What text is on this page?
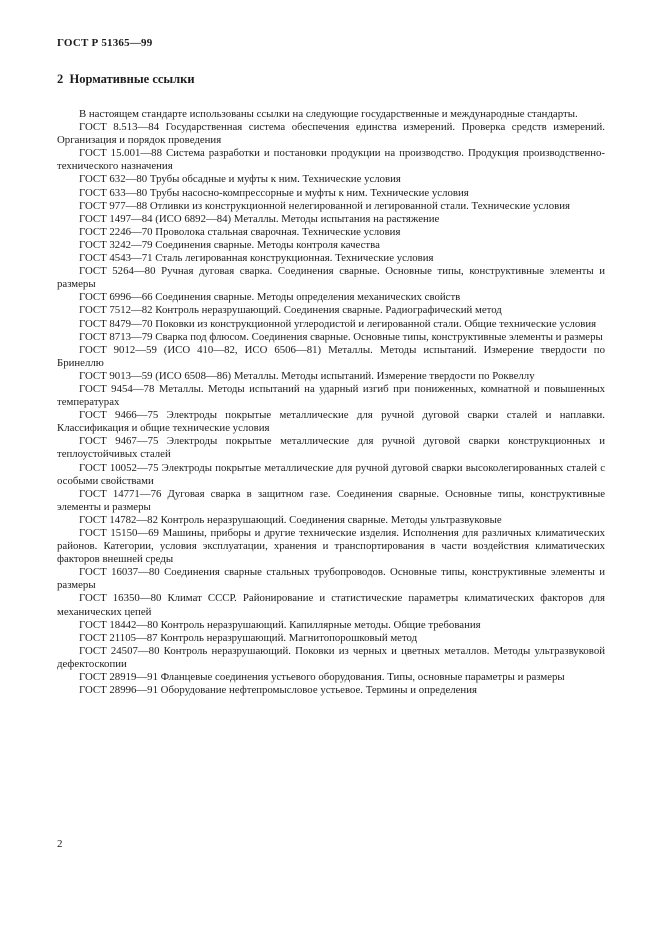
ГОСТ Р 51365—99
2  Нормативные ссылки

В настоящем стандарте использованы ссылки на следующие государственные и международные стандарты.

ГОСТ 8.513—84 Государственная система обеспечения единства измерений. Проверка средств измерений. Организация и порядок проведения

ГОСТ 15.001—88 Система разработки и постановки продукции на производство. Продукция производственно-технического назначения

ГОСТ 632—80 Трубы обсадные и муфты к ним. Технические условия

ГОСТ 633—80 Трубы насосно-компрессорные и муфты к ним. Технические условия

ГОСТ 977—88 Отливки из конструкционной нелегированной и легированной стали. Технические условия

ГОСТ 1497—84 (ИСО 6892—84) Металлы. Методы испытания на растяжение

ГОСТ 2246—70 Проволока стальная сварочная. Технические условия

ГОСТ 3242—79 Соединения сварные. Методы контроля качества

ГОСТ 4543—71 Сталь легированная конструкционная. Технические условия

ГОСТ 5264—80 Ручная дуговая сварка. Соединения сварные. Основные типы, конструктивные элементы и размеры

ГОСТ 6996—66 Соединения сварные. Методы определения механических свойств

ГОСТ 7512—82 Контроль неразрушающий. Соединения сварные. Радиографический метод

ГОСТ 8479—70 Поковки из конструкционной углеродистой и легированной стали. Общие технические условия

ГОСТ 8713—79 Сварка под флюсом. Соединения сварные. Основные типы, конструктивные элементы и размеры

ГОСТ 9012—59 (ИСО 410—82, ИСО 6506—81) Металлы. Методы испытаний. Измерение твердости по Бринеллю

ГОСТ 9013—59 (ИСО 6508—86) Металлы. Методы испытаний. Измерение твердости по Роквеллу

ГОСТ 9454—78 Металлы. Методы испытаний на ударный изгиб при пониженных, комнатной и повышенных температурах

ГОСТ 9466—75 Электроды покрытые металлические для ручной дуговой сварки сталей и наплавки. Классификация и общие технические условия

ГОСТ 9467—75 Электроды покрытые металлические для ручной дуговой сварки конструкционных и теплоустойчивых сталей

ГОСТ 10052—75 Электроды покрытые металлические для ручной дуговой сварки высоколегированных сталей с особыми свойствами

ГОСТ 14771—76 Дуговая сварка в защитном газе. Соединения сварные. Основные типы, конструктивные элементы и размеры

ГОСТ 14782—82 Контроль неразрушающий. Соединения сварные. Методы ультразвуковые

ГОСТ 15150—69 Машины, приборы и другие технические изделия. Исполнения для различных климатических районов. Категории, условия эксплуатации, хранения и транспортирования в части воздействия климатических факторов внешней среды

ГОСТ 16037—80 Соединения сварные стальных трубопроводов. Основные типы, конструктивные элементы и размеры

ГОСТ 16350—80 Климат СССР. Районирование и статистические параметры климатических факторов для механических цепей

ГОСТ 18442—80 Контроль неразрушающий. Капиллярные методы. Общие требования

ГОСТ 21105—87 Контроль неразрушающий. Магнитопорошковый метод

ГОСТ 24507—80 Контроль неразрушающий. Поковки из черных и цветных металлов. Методы ультразвуковой дефектоскопии

ГОСТ 28919—91 Фланцевые соединения устьевого оборудования. Типы, основные параметры и размеры

ГОСТ 28996—91 Оборудование нефтепромысловое устьевое. Термины и определения

2
